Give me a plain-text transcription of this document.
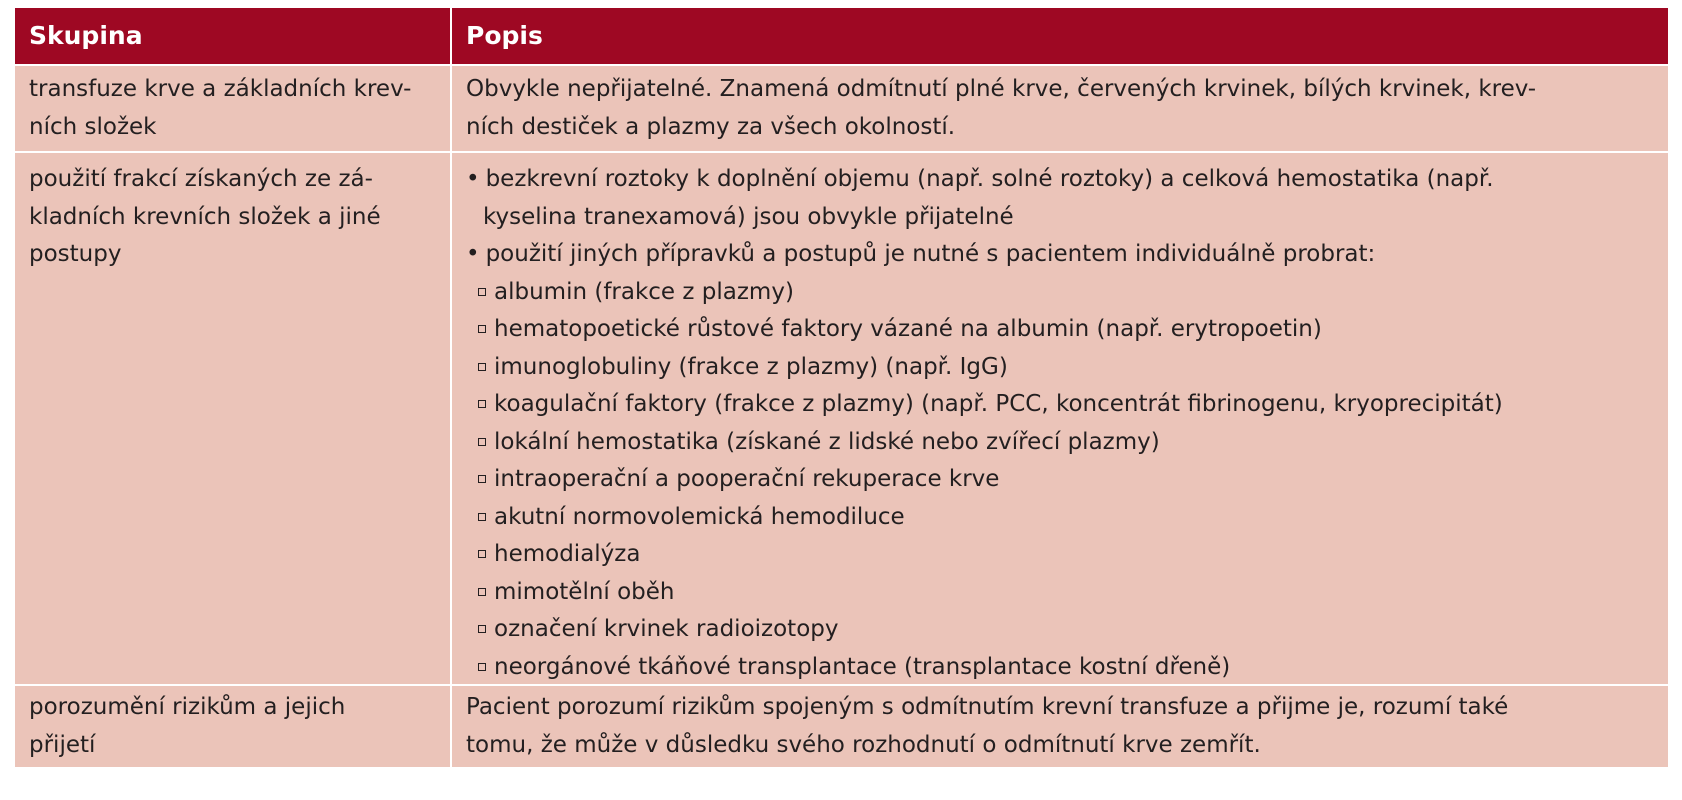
Skupina	Popis
transfuze krve a základních krev-
ních složek
Obvykle nepřijatelné. Znamená odmítnutí plné krve, červených krvinek, bílých krvinek, krev-
ních destiček a plazmy za všech okolností.
použití frakcí získaných ze zá-
kladních krevních složek a jiné
postupy
• bezkrevní roztoky k doplnění objemu (např. solné roztoky) a celková hemostatika (např.
kyselina tranexamová) jsou obvykle přijatelné
• použití jiných přípravků a postupů je nutné s pacientem individuálně probrat:
albumin (frakce z plazmy)
hematopoetické růstové faktory vázané na albumin (např. erytropoetin)
imunoglobuliny (frakce z plazmy) (např. IgG)
koagulační faktory (frakce z plazmy) (např. PCC, koncentrát fibrinogenu, kryoprecipitát)
lokální hemostatika (získané z lidské nebo zvířecí plazmy)
intraoperační a pooperační rekuperace krve
akutní normovolemická hemodiluce
hemodialýza
mimotělní oběh
označení krvinek radioizotopy
neorgánové tkáňové transplantace (transplantace kostní dřeně)
porozumění rizikům a jejich
přijetí
Pacient porozumí rizikům spojeným s odmítnutím krevní transfuze a přijme je, rozumí také
tomu, že může v důsledku svého rozhodnutí o odmítnutí krve zemřít.
